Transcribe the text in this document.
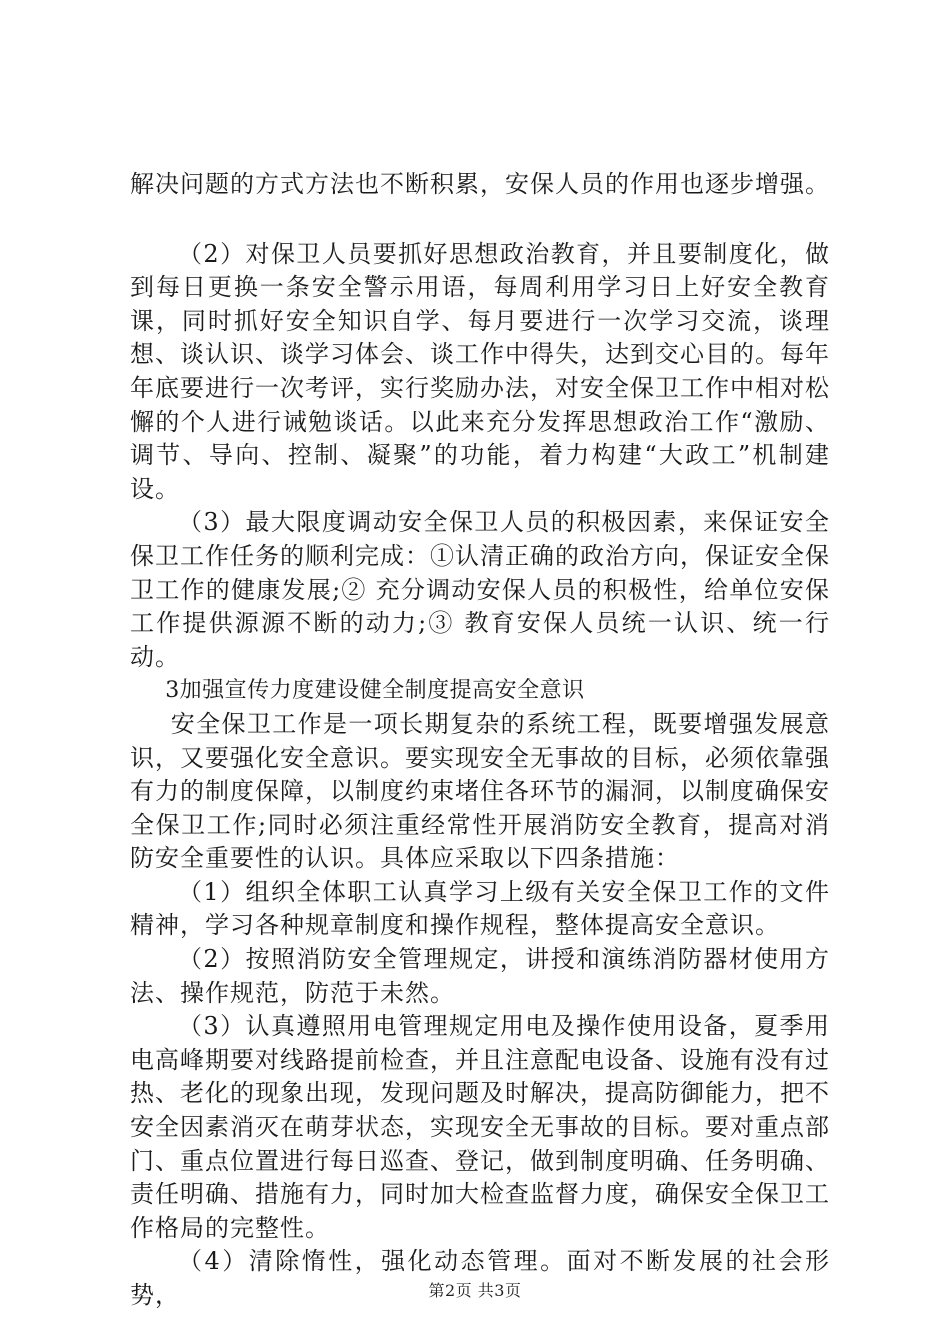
解决问题的方式方法也不断积累，安保人员的作用也逐步增强。

（2）对保卫人员要抓好思想政治教育，并且要制度化，做到每日更换一条安全警示用语，每周利用学习日上好安全教育课，同时抓好安全知识自学、每月要进行一次学习交流，谈理想、谈认识、谈学习体会、谈工作中得失，达到交心目的。每年年底要进行一次考评，实行奖励办法，对安全保卫工作中相对松懈的个人进行诫勉谈话。以此来充分发挥思想政治工作“激励、调节、导向、控制、凝聚”的功能，着力构建“大政工”机制建设。

（3）最大限度调动安全保卫人员的积极因素，来保证安全保卫工作任务的顺利完成：①认清正确的政治方向，保证安全保卫工作的健康发展;② 充分调动安保人员的积极性，给单位安保工作提供源源不断的动力;③ 教育安保人员统一认识、统一行动。

3加强宣传力度建设健全制度提高安全意识

安全保卫工作是一项长期复杂的系统工程，既要增强发展意识，又要强化安全意识。要实现安全无事故的目标，必须依靠强有力的制度保障，以制度约束堵住各环节的漏洞，以制度确保安全保卫工作;同时必须注重经常性开展消防安全教育，提高对消防安全重要性的认识。具体应采取以下四条措施：

（1）组织全体职工认真学习上级有关安全保卫工作的文件精神，学习各种规章制度和操作规程，整体提高安全意识。

（2）按照消防安全管理规定，讲授和演练消防器材使用方法、操作规范，防范于未然。

（3）认真遵照用电管理规定用电及操作使用设备，夏季用电高峰期要对线路提前检查，并且注意配电设备、设施有没有过热、老化的现象出现，发现问题及时解决，提高防御能力，把不安全因素消灭在萌芽状态，实现安全无事故的目标。要对重点部门、重点位置进行每日巡查、登记，做到制度明确、任务明确、责任明确、措施有力，同时加大检查监督力度，确保安全保卫工作格局的完整性。

（4）清除惰性，强化动态管理。面对不断发展的社会形势，	第2页 共3页
